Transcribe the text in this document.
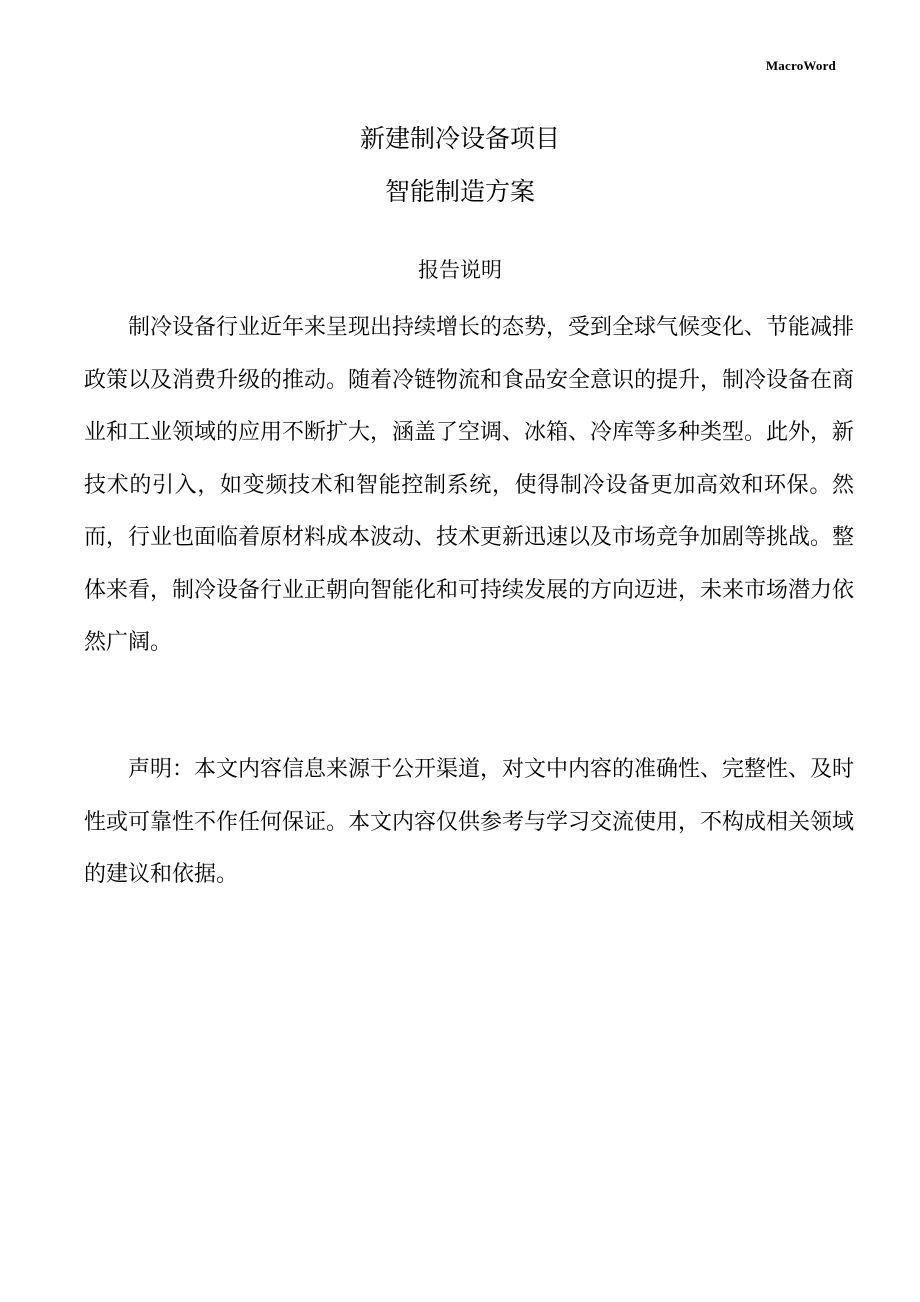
MacroWord
新建制冷设备项目
智能制造方案
报告说明

制冷设备行业近年来呈现出持续增长的态势，受到全球气候变化、节能减排政策以及消费升级的推动。随着冷链物流和食品安全意识的提升，制冷设备在商业和工业领域的应用不断扩大，涵盖了空调、冰箱、冷库等多种类型。此外，新技术的引入，如变频技术和智能控制系统，使得制冷设备更加高效和环保。然而，行业也面临着原材料成本波动、技术更新迅速以及市场竞争加剧等挑战。整体来看，制冷设备行业正朝向智能化和可持续发展的方向迈进，未来市场潜力依然广阔。

声明：本文内容信息来源于公开渠道，对文中内容的准确性、完整性、及时性或可靠性不作任何保证。本文内容仅供参考与学习交流使用，不构成相关领域的建议和依据。
